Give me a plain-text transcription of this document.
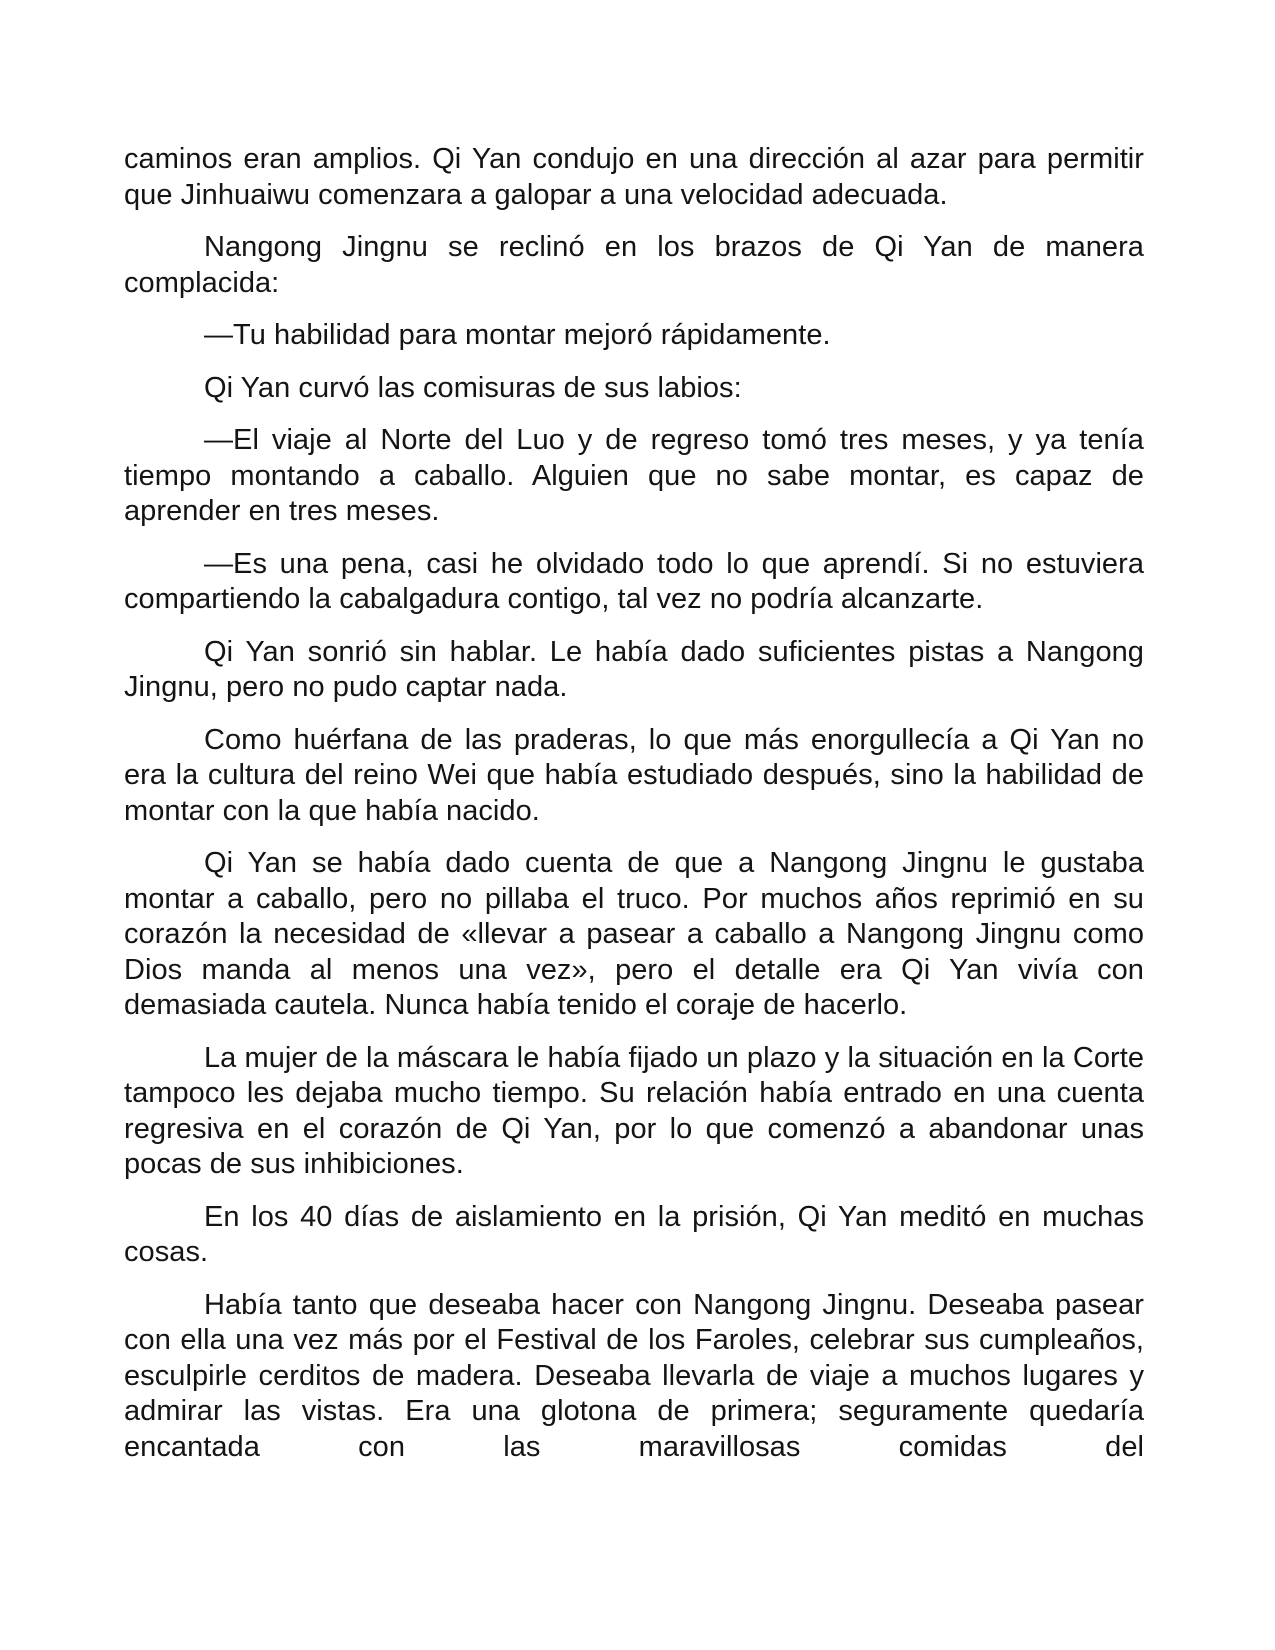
caminos eran amplios. Qi Yan condujo en una dirección al azar para permitir que Jinhuaiwu comenzara a galopar a una velocidad adecuada.

Nangong Jingnu se reclinó en los brazos de Qi Yan de manera complacida:

—Tu habilidad para montar mejoró rápidamente.

Qi Yan curvó las comisuras de sus labios:

—El viaje al Norte del Luo y de regreso tomó tres meses, y ya tenía tiempo montando a caballo. Alguien que no sabe montar, es capaz de aprender en tres meses.

—Es una pena, casi he olvidado todo lo que aprendí. Si no estuviera compartiendo la cabalgadura contigo, tal vez no podría alcanzarte.

Qi Yan sonrió sin hablar. Le había dado suficientes pistas a Nangong Jingnu, pero no pudo captar nada.

Como huérfana de las praderas, lo que más enorgullecía a Qi Yan no era la cultura del reino Wei que había estudiado después, sino la habilidad de montar con la que había nacido.

Qi Yan se había dado cuenta de que a Nangong Jingnu le gustaba montar a caballo, pero no pillaba el truco. Por muchos años reprimió en su corazón la necesidad de «llevar a pasear a caballo a Nangong Jingnu como Dios manda al menos una vez», pero el detalle era Qi Yan vivía con demasiada cautela. Nunca había tenido el coraje de hacerlo.

La mujer de la máscara le había fijado un plazo y la situación en la Corte tampoco les dejaba mucho tiempo. Su relación había entrado en una cuenta regresiva en el corazón de Qi Yan, por lo que comenzó a abandonar unas pocas de sus inhibiciones.

En los 40 días de aislamiento en la prisión, Qi Yan meditó en muchas cosas.

Había tanto que deseaba hacer con Nangong Jingnu. Deseaba pasear con ella una vez más por el Festival de los Faroles, celebrar sus cumpleaños, esculpirle cerditos de madera. Deseaba llevarla de viaje a muchos lugares y admirar las vistas. Era una glotona de primera; seguramente quedaría encantada con las maravillosas comidas del
